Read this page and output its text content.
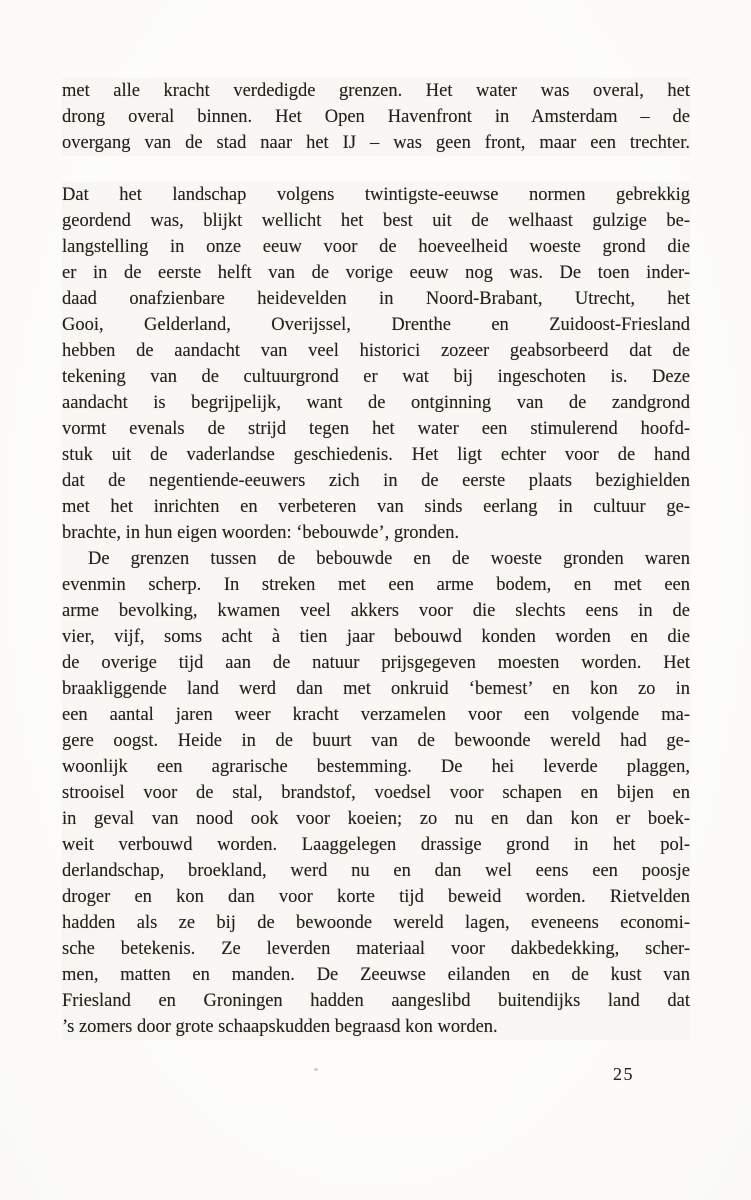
met alle kracht verdedigde grenzen. Het water was overal, het
drong overal binnen. Het Open Havenfront in Amsterdam – de
overgang van de stad naar het IJ – was geen front, maar een trechter.
Dat het landschap volgens twintigste-eeuwse normen gebrekkig
geordend was, blijkt wellicht het best uit de welhaast gulzige be-
langstelling in onze eeuw voor de hoeveelheid woeste grond die
er in de eerste helft van de vorige eeuw nog was. De toen inder-
daad onafzienbare heidevelden in Noord-Brabant, Utrecht, het
Gooi, Gelderland, Overijssel, Drenthe en Zuidoost-Friesland
hebben de aandacht van veel historici zozeer geabsorbeerd dat de
tekening van de cultuurgrond er wat bij ingeschoten is. Deze
aandacht is begrijpelijk, want de ontginning van de zandgrond
vormt evenals de strijd tegen het water een stimulerend hoofd-
stuk uit de vaderlandse geschiedenis. Het ligt echter voor de hand
dat de negentiende-eeuwers zich in de eerste plaats bezighielden
met het inrichten en verbeteren van sinds eerlang in cultuur ge-
brachte, in hun eigen woorden: ‘bebouwde’, gronden.
De grenzen tussen de bebouwde en de woeste gronden waren
evenmin scherp. In streken met een arme bodem, en met een
arme bevolking, kwamen veel akkers voor die slechts eens in de
vier, vijf, soms acht à tien jaar bebouwd konden worden en die
de overige tijd aan de natuur prijsgegeven moesten worden. Het
braakliggende land werd dan met onkruid ‘bemest’ en kon zo in
een aantal jaren weer kracht verzamelen voor een volgende ma-
gere oogst. Heide in de buurt van de bewoonde wereld had ge-
woonlijk een agrarische bestemming. De hei leverde plaggen,
strooisel voor de stal, brandstof, voedsel voor schapen en bijen en
in geval van nood ook voor koeien; zo nu en dan kon er boek-
weit verbouwd worden. Laaggelegen drassige grond in het pol-
derlandschap, broekland, werd nu en dan wel eens een poosje
droger en kon dan voor korte tijd beweid worden. Rietvelden
hadden als ze bij de bewoonde wereld lagen, eveneens economi-
sche betekenis. Ze leverden materiaal voor dakbedekking, scher-
men, matten en manden. De Zeeuwse eilanden en de kust van
Friesland en Groningen hadden aangeslibd buitendijks land dat
’s zomers door grote schaapskudden begraasd kon worden.
25
